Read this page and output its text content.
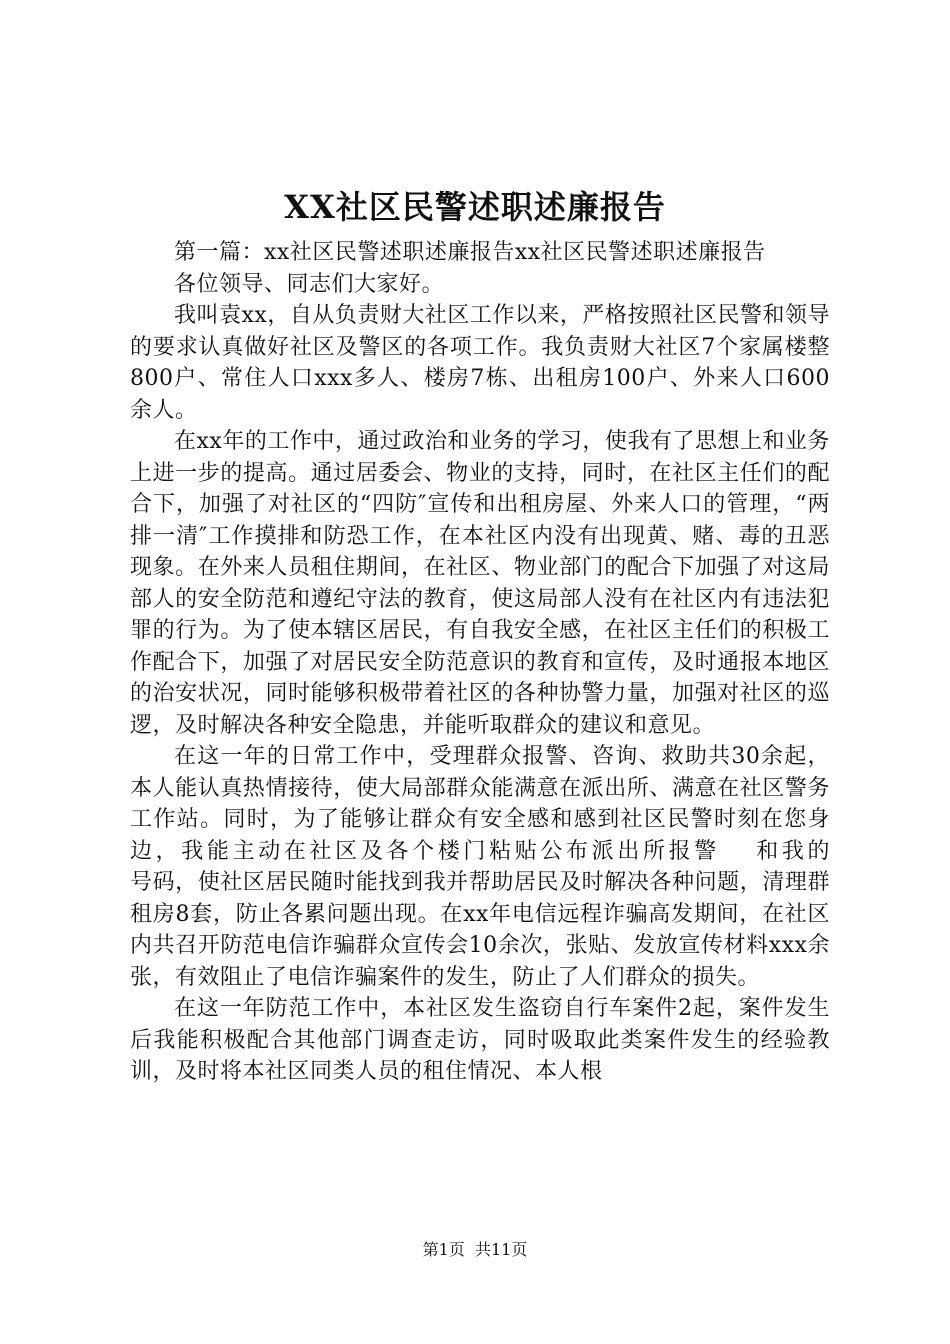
XX社区民警述职述廉报告

第一篇：xx社区民警述职述廉报告xx社区民警述职述廉报告

各位领导、同志们大家好。

我叫袁xx，自从负责财大社区工作以来，严格按照社区民警和领导的要求认真做好社区及警区的各项工作。我负责财大社区7个家属楼整800户、常住人口xxx多人、楼房7栋、出租房100户、外来人口600余人。

在xx年的工作中，通过政治和业务的学习，使我有了思想上和业务上进一步的提高。通过居委会、物业的支持，同时，在社区主任们的配合下，加强了对社区的“四防″宣传和出租房屋、外来人口的管理，“两排一清″工作摸排和防恐工作，在本社区内没有出现黄、赌、毒的丑恶现象。在外来人员租住期间，在社区、物业部门的配合下加强了对这局部人的安全防范和遵纪守法的教育，使这局部人没有在社区内有违法犯罪的行为。为了使本辖区居民，有自我安全感，在社区主任们的积极工作配合下，加强了对居民安全防范意识的教育和宣传，及时通报本地区的治安状况，同时能够积极带着社区的各种协警力量，加强对社区的巡逻，及时解决各种安全隐患，并能听取群众的建议和意见。

在这一年的日常工作中，受理群众报警、咨询、救助共30余起，本人能认真热情接待，使大局部群众能满意在派出所、满意在社区警务工作站。同时，为了能够让群众有安全感和感到社区民警时刻在您身边，我能主动在社区及各个楼门粘贴公布派出所报警　 和我的　　　号码，使社区居民随时能找到我并帮助居民及时解决各种问题，清理群租房8套，防止各累问题出现。在xx年电信远程诈骗高发期间，在社区内共召开防范电信诈骗群众宣传会10余次，张贴、发放宣传材料xxx余张，有效阻止了电信诈骗案件的发生，防止了人们群众的损失。

在这一年防范工作中，本社区发生盗窃自行车案件2起，案件发生后我能积极配合其他部门调查走访，同时吸取此类案件发生的经验教训，及时将本社区同类人员的租住情况、本人根

第1页  共11页
